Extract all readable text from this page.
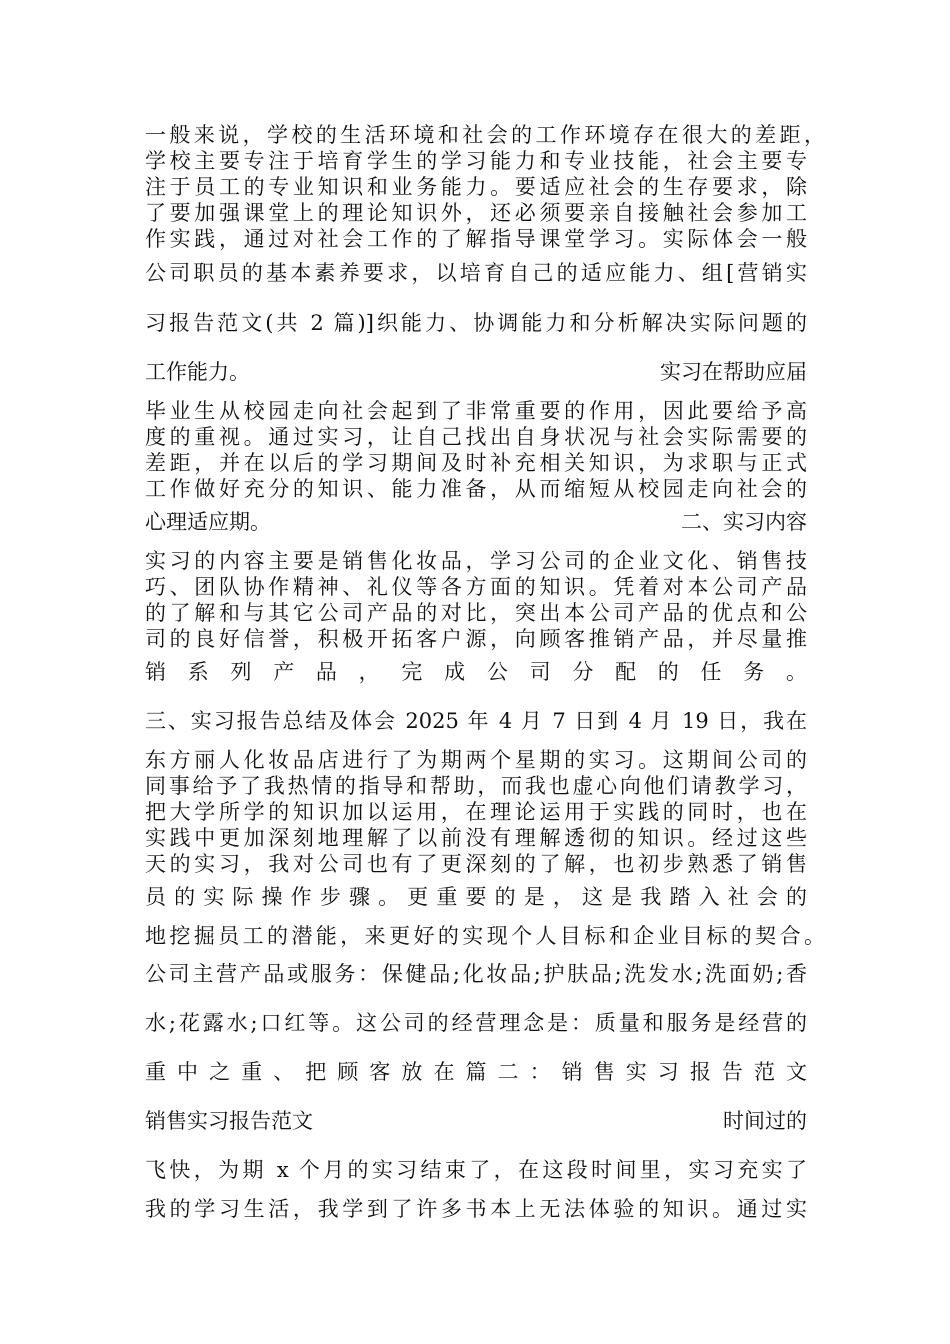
一般来说，学校的生活环境和社会的工作环境存在很大的差距，
学校主要专注于培育学生的学习能力和专业技能，社会主要专
注于员工的专业知识和业务能力。要适应社会的生存要求，除
了要加强课堂上的理论知识外，还必须要亲自接触社会参加工
作实践，通过对社会工作的了解指导课堂学习。实际体会一般
公司职员的基本素养要求，以培育自己的适应能力、组[营销实
习报告范文(共 2 篇)]织能力、协调能力和分析解决实际问题的
工作能力。	实习在帮助应届
毕业生从校园走向社会起到了非常重要的作用，因此要给予高
度的重视。通过实习，让自己找出自身状况与社会实际需要的
差距，并在以后的学习期间及时补充相关知识，为求职与正式
工作做好充分的知识、能力准备，从而缩短从校园走向社会的
心理适应期。	二、实习内容
实习的内容主要是销售化妆品，学习公司的企业文化、销售技
巧、团队协作精神、礼仪等各方面的知识。凭着对本公司产品
的了解和与其它公司产品的对比，突出本公司产品的优点和公
司的良好信誉，积极开拓客户源，向顾客推销产品，并尽量推
销系列产品，完成公司分配的任务。
三、实习报告总结及体会 2025 年 4 月 7 日到 4 月 19 日，我在
东方丽人化妆品店进行了为期两个星期的实习。这期间公司的
同事给予了我热情的指导和帮助，而我也虚心向他们请教学习，
把大学所学的知识加以运用，在理论运用于实践的同时，也在
实践中更加深刻地理解了以前没有理解透彻的知识。经过这些
天的实习，我对公司也有了更深刻的了解，也初步熟悉了销售
员的实际操作步骤。更重要的是，这是我踏入社会的
地挖掘员工的潜能，来更好的实现个人目标和企业目标的契合。
公司主营产品或服务：保健品;化妆品;护肤品;洗发水;洗面奶;香
水;花露水;口红等。这公司的经营理念是：质量和服务是经营的
重中之重、把顾客放在篇二：销售实习报告范文
销售实习报告范文	时间过的
飞快，为期 x 个月的实习结束了，在这段时间里，实习充实了
我的学习生活，我学到了许多书本上无法体验的知识。通过实
